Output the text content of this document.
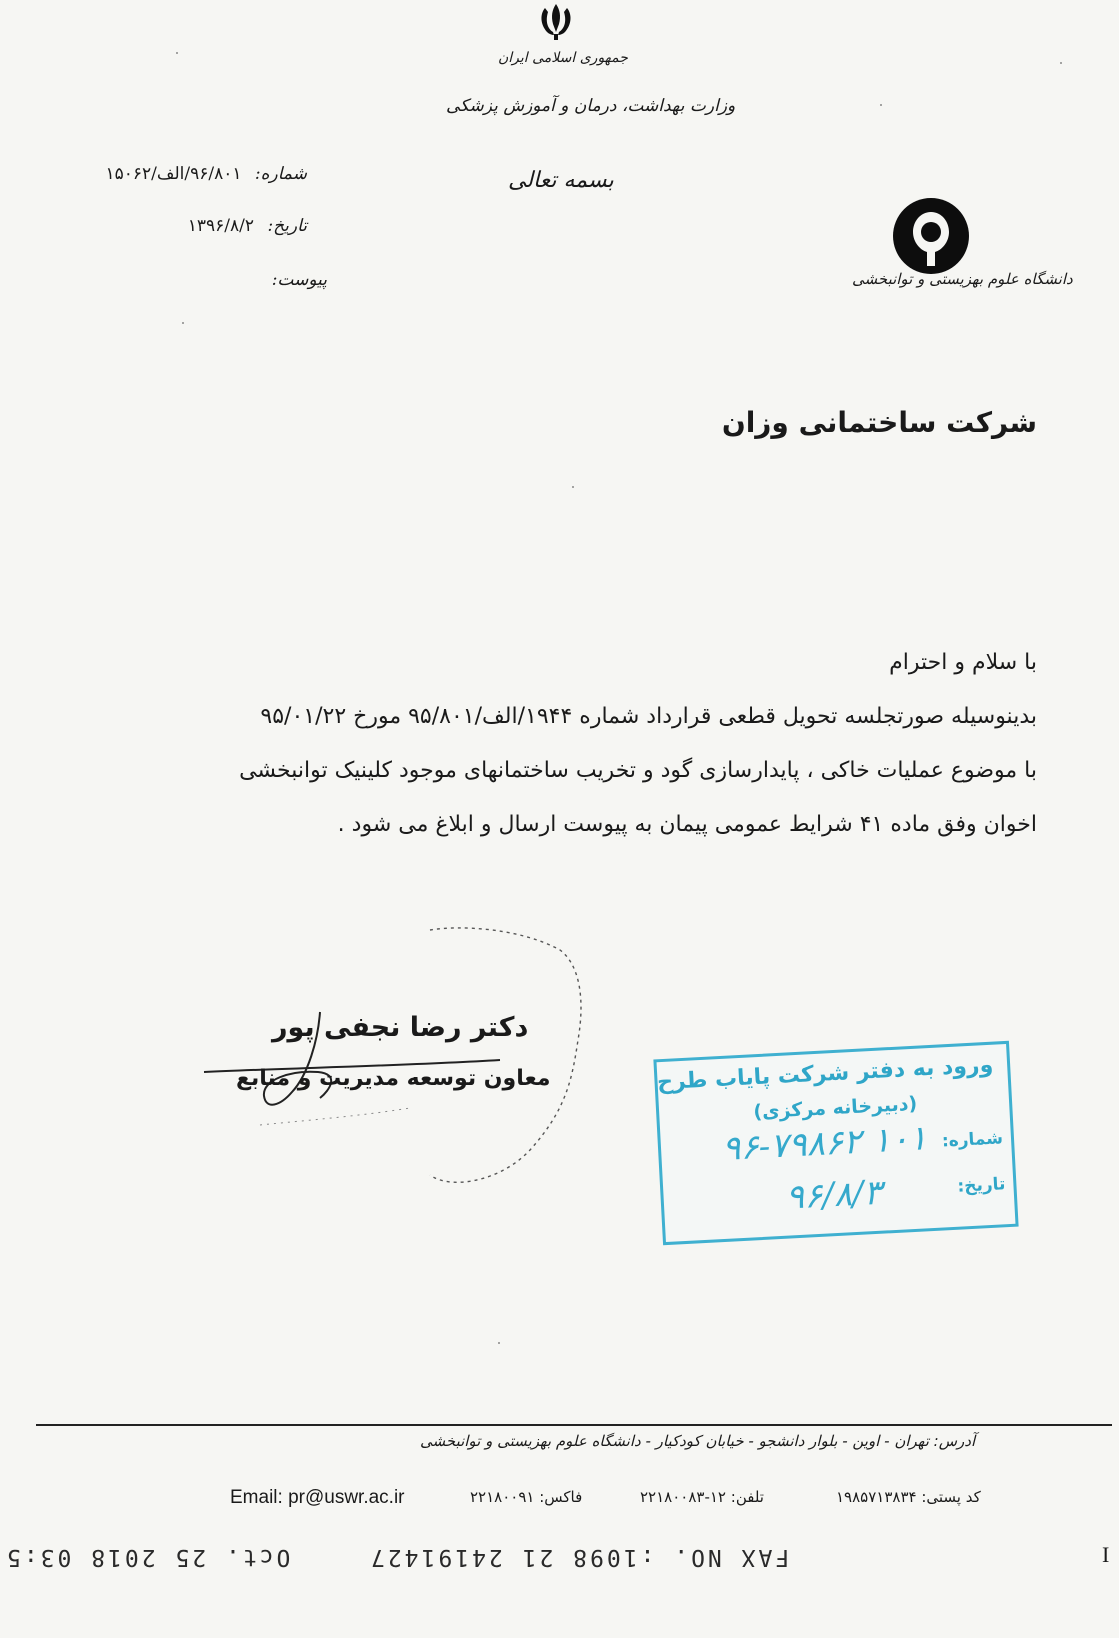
جمهوری اسلامی ایران
وزارت بهداشت، درمان و آموزش پزشکی
بسمه تعالی
شماره: ۹۶/۸۰۱/الف/۱۵۰۶۲
تاریخ: ۱۳۹۶/۸/۲
پیوست:	دانشگاه علوم بهزیستی و توانبخشی
شرکت ساختمانی وزان

با سلام و احترام

بدینوسیله صورتجلسه تحویل قطعی قرارداد شماره ۱۹۴۴/الف/۹۵/۸۰۱ مورخ ۹۵/۰۱/۲۲

با موضوع عملیات خاکی ، پایدارسازی گود و تخریب ساختمانهای موجود کلینیک توانبخشی

اخوان وفق ماده ۴۱ شرایط عمومی پیمان به پیوست ارسال و ابلاغ می شود .

دکتر رضا نجفی پور
معاون توسعه مدیریت و منابع	ورود به دفتر شرکت پایاب طرح
(دبیرخانه مرکزی)
شماره:
۱۰۱ ۹۶-۷۹۸۶۲
تاریخ:
۹۶/۸/۳
آدرس: تهران - اوین - بلوار دانشجو - خیابان کودکیار - دانشگاه علوم بهزیستی و توانبخشی
کد پستی: ۱۹۸۵۷۱۳۸۳۴
تلفن: ۱۲-۲۲۱۸۰۰۸۳
فاکس: ۲۲۱۸۰۰۹۱
Email: pr@uswr.ac.ir
Oct. 25 2018 03:5	FAX NO. :1098 21 24191427	I
